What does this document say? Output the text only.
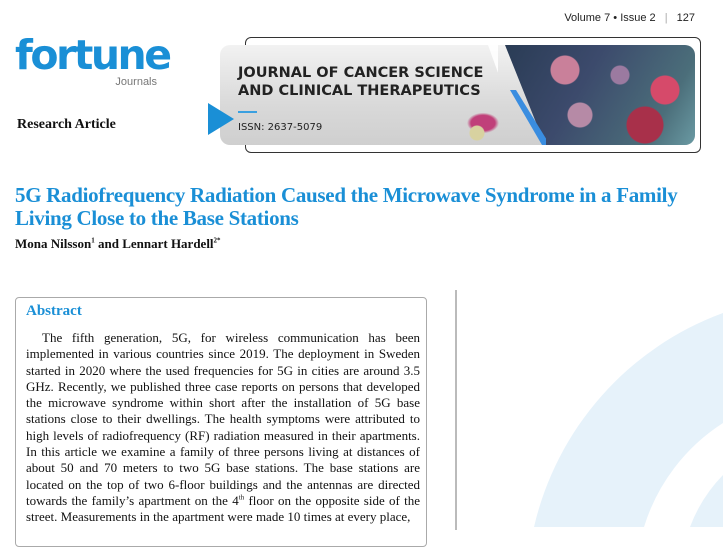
Volume 7 • Issue 2 | 127
fortune
Journals
Research Article
JOURNAL OF CANCER SCIENCE
AND CLINICAL THERAPEUTICS
ISSN: 2637-5079
5G Radiofrequency Radiation Caused the Microwave Syndrome in a Family Living Close to the Base Stations
Mona Nilsson$^1$ and Lennart Hardell$^{2*}$
Abstract
The fifth generation, 5G, for wireless communication has been implemented in various countries since 2019. The deployment in Sweden started in 2020 where the used frequencies for 5G in cities are around 3.5 GHz. Recently, we published three case reports on persons that developed the microwave syndrome within short after the installation of 5G base stations close to their dwellings. The health symptoms were attributed to high levels of radiofrequency (RF) radiation measured in their apartments. In this article we examine a family of three persons living at distances of about 50 and 70 meters to two 5G base stations. The base stations are located on the top of two 6-floor buildings and the antennas are directed towards the family’s apartment on the 4th floor on the opposite side of the street. Measurements in the apartment were made 10 times at every place,
